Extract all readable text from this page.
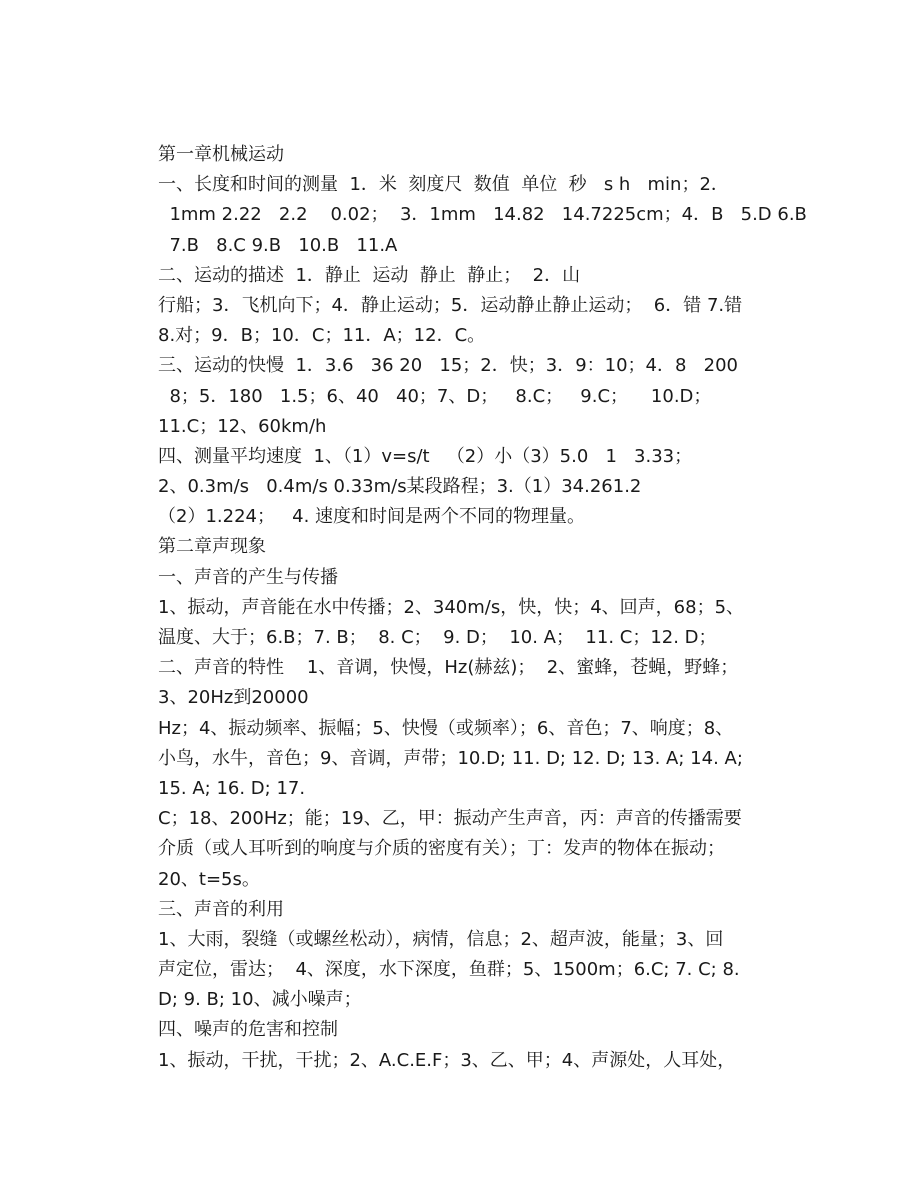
第一章机械运动
一、长度和时间的测量  1．米  刻度尺  数值  单位  秒   s h   min；2．
1mm 2.22   2.2    0.02；  3．1mm   14.82   14.7225cm；4．B   5.D 6.B
7.B   8.C 9.B   10.B   11.A
二、运动的描述  1．静止  运动  静止  静止；  2．山
行船；3．飞机向下；4．静止运动；5．运动静止静止运动；  6．错 7.错
8.对；9．B；10．C；11．A；12．C。
三、运动的快慢  1．3.6   36 20   15；2．快；3．9：10；4．8   200
8；5．180   1.5；6、40   40；7、D；   8.C；   9.C；    10.D；
11.C；12、60km/h
四、测量平均速度  1、（1）v=s/t   （2）小（3）5.0   1   3.33；
2、0.3m/s   0.4m/s 0.33m/s某段路程；3.（1）34.261.2
（2）1.224；   4. 速度和时间是两个不同的物理量。
第二章声现象
一、声音的产生与传播
1、振动，声音能在水中传播；2、340m/s，快，快；4、回声，68；5、
温度、大于；6.B；7. B；  8. C；  9. D；  10. A；  11. C；12. D；
二、声音的特性    1、音调，快慢，Hz(赫兹)；  2、蜜蜂，苍蝇，野蜂；
3、20Hz到20000
Hz；4、振动频率、振幅；5、快慢（或频率）；6、音色；7、响度；8、
小鸟，水牛，音色；9、音调，声带；10.D; 11. D; 12. D; 13. A; 14. A;
15. A; 16. D; 17.
C；18、200Hz；能；19、乙，甲：振动产生声音，丙：声音的传播需要
介质（或人耳听到的响度与介质的密度有关）；丁：发声的物体在振动；
20、t=5s。
三、声音的利用
1、大雨，裂缝（或螺丝松动），病情，信息；2、超声波，能量；3、回
声定位，雷达；  4、深度，水下深度，鱼群；5、1500m；6.C; 7. C; 8.
D; 9. B; 10、减小噪声；
四、噪声的危害和控制
1、振动，干扰，干扰；2、A.C.E.F；3、乙、甲；4、声源处，人耳处，
